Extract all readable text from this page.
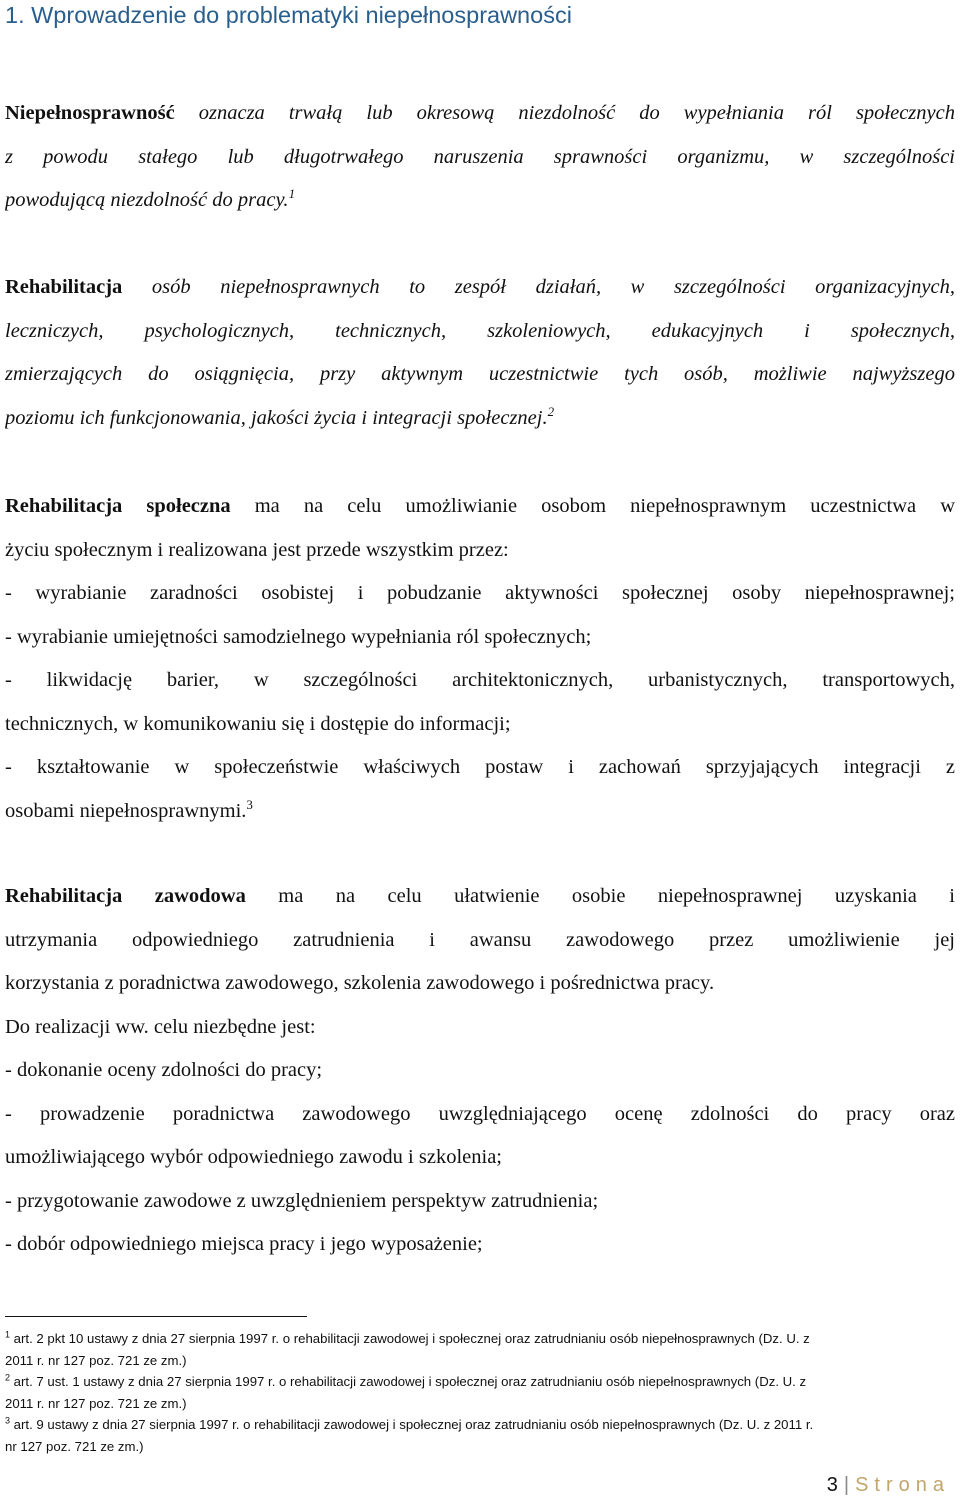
1. Wprowadzenie do problematyki niepełnosprawności

Niepełnosprawność oznacza trwałą lub okresową niezdolność do wypełniania ról społecznych
z powodu stałego lub długotrwałego naruszenia sprawności organizmu, w szczególności
powodującą niezdolność do pracy.$^1$

Rehabilitacja osób niepełnosprawnych to zespół działań, w szczególności organizacyjnych,
leczniczych, psychologicznych, technicznych, szkoleniowych, edukacyjnych i społecznych,
zmierzających do osiągnięcia, przy aktywnym uczestnictwie tych osób, możliwie najwyższego
poziomu ich funkcjonowania, jakości życia i integracji społecznej.$^2$

Rehabilitacja społeczna ma na celu umożliwianie osobom niepełnosprawnym uczestnictwa w
życiu społecznym i realizowana jest przede wszystkim przez:
- wyrabianie zaradności osobistej i pobudzanie aktywności społecznej osoby niepełnosprawnej;
- wyrabianie umiejętności samodzielnego wypełniania ról społecznych;
- likwidację barier, w szczególności architektonicznych, urbanistycznych, transportowych,
technicznych, w komunikowaniu się i dostępie do informacji;
- kształtowanie w społeczeństwie właściwych postaw i zachowań sprzyjających integracji z
osobami niepełnosprawnymi.$^3$

Rehabilitacja zawodowa ma na celu ułatwienie osobie niepełnosprawnej uzyskania i
utrzymania odpowiedniego zatrudnienia i awansu zawodowego przez umożliwienie jej
korzystania z poradnictwa zawodowego, szkolenia zawodowego i pośrednictwa pracy.
Do realizacji ww. celu niezbędne jest:
- dokonanie oceny zdolności do pracy;
- prowadzenie poradnictwa zawodowego uwzględniającego ocenę zdolności do pracy oraz
umożliwiającego wybór odpowiedniego zawodu i szkolenia;
- przygotowanie zawodowe z uwzględnieniem perspektyw zatrudnienia;
- dobór odpowiedniego miejsca pracy i jego wyposażenie;

$^1$ art. 2 pkt 10 ustawy z dnia 27 sierpnia 1997 r. o rehabilitacji zawodowej i społecznej oraz zatrudnianiu osób niepełnosprawnych (Dz. U. z
2011 r. nr 127 poz. 721 ze zm.)
$^2$ art. 7 ust. 1 ustawy z dnia 27 sierpnia 1997 r. o rehabilitacji zawodowej i społecznej oraz zatrudnianiu osób niepełnosprawnych (Dz. U. z
2011 r. nr 127 poz. 721 ze zm.)
$^3$ art. 9 ustawy z dnia 27 sierpnia 1997 r. o rehabilitacji zawodowej i społecznej oraz zatrudnianiu osób niepełnosprawnych (Dz. U. z 2011 r.
nr 127 poz. 721 ze zm.)
3 | Strona
